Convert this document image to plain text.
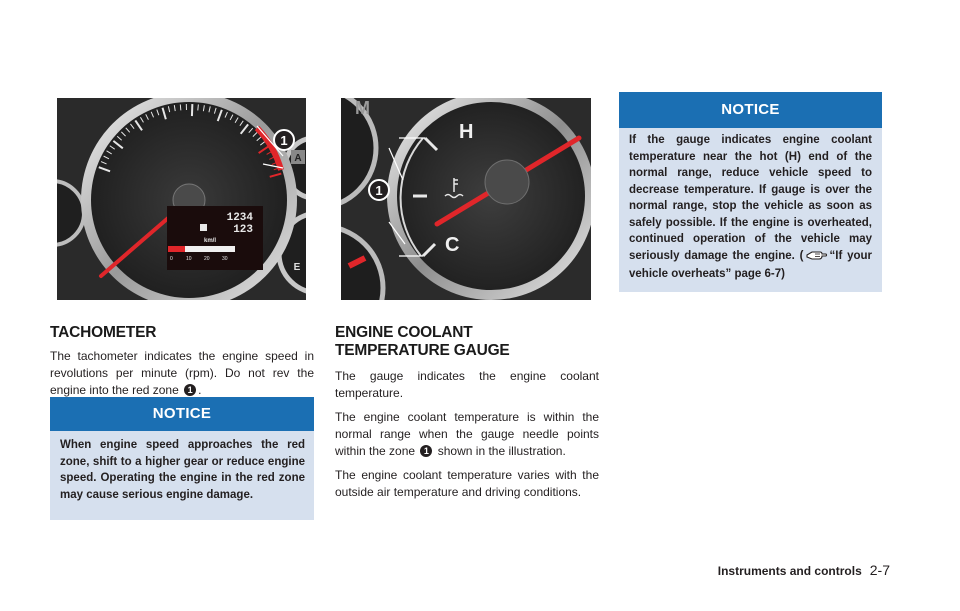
1234
123
km/l
0	10 20 30
A
E
1
M
H
C
1
TACHOMETER

The tachometer indicates the engine speed in revolutions per minute (rpm). Do not rev the engine into the red zone 1 .

NOTICE
When engine speed approaches the red zone, shift to a higher gear or reduce engine speed. Operating the engine in the red zone may cause serious engine damage.
ENGINE COOLANT TEMPERATURE GAUGE

The gauge indicates the engine coolant temperature.

The engine coolant temperature is within the normal range when the gauge needle points within the zone 1 shown in the illustration.

The engine coolant temperature varies with the outside air temperature and driving conditions.

NOTICE
If the gauge indicates engine coolant temperature near the hot (H) end of the normal range, reduce vehicle speed to decrease temperature. If gauge is over the normal range, stop the vehicle as soon as safely possible. If the engine is overheated, continued operation of the vehicle may seriously damage the engine. ( “If your vehicle overheats” page 6-7)
Instruments and controls 2-7
